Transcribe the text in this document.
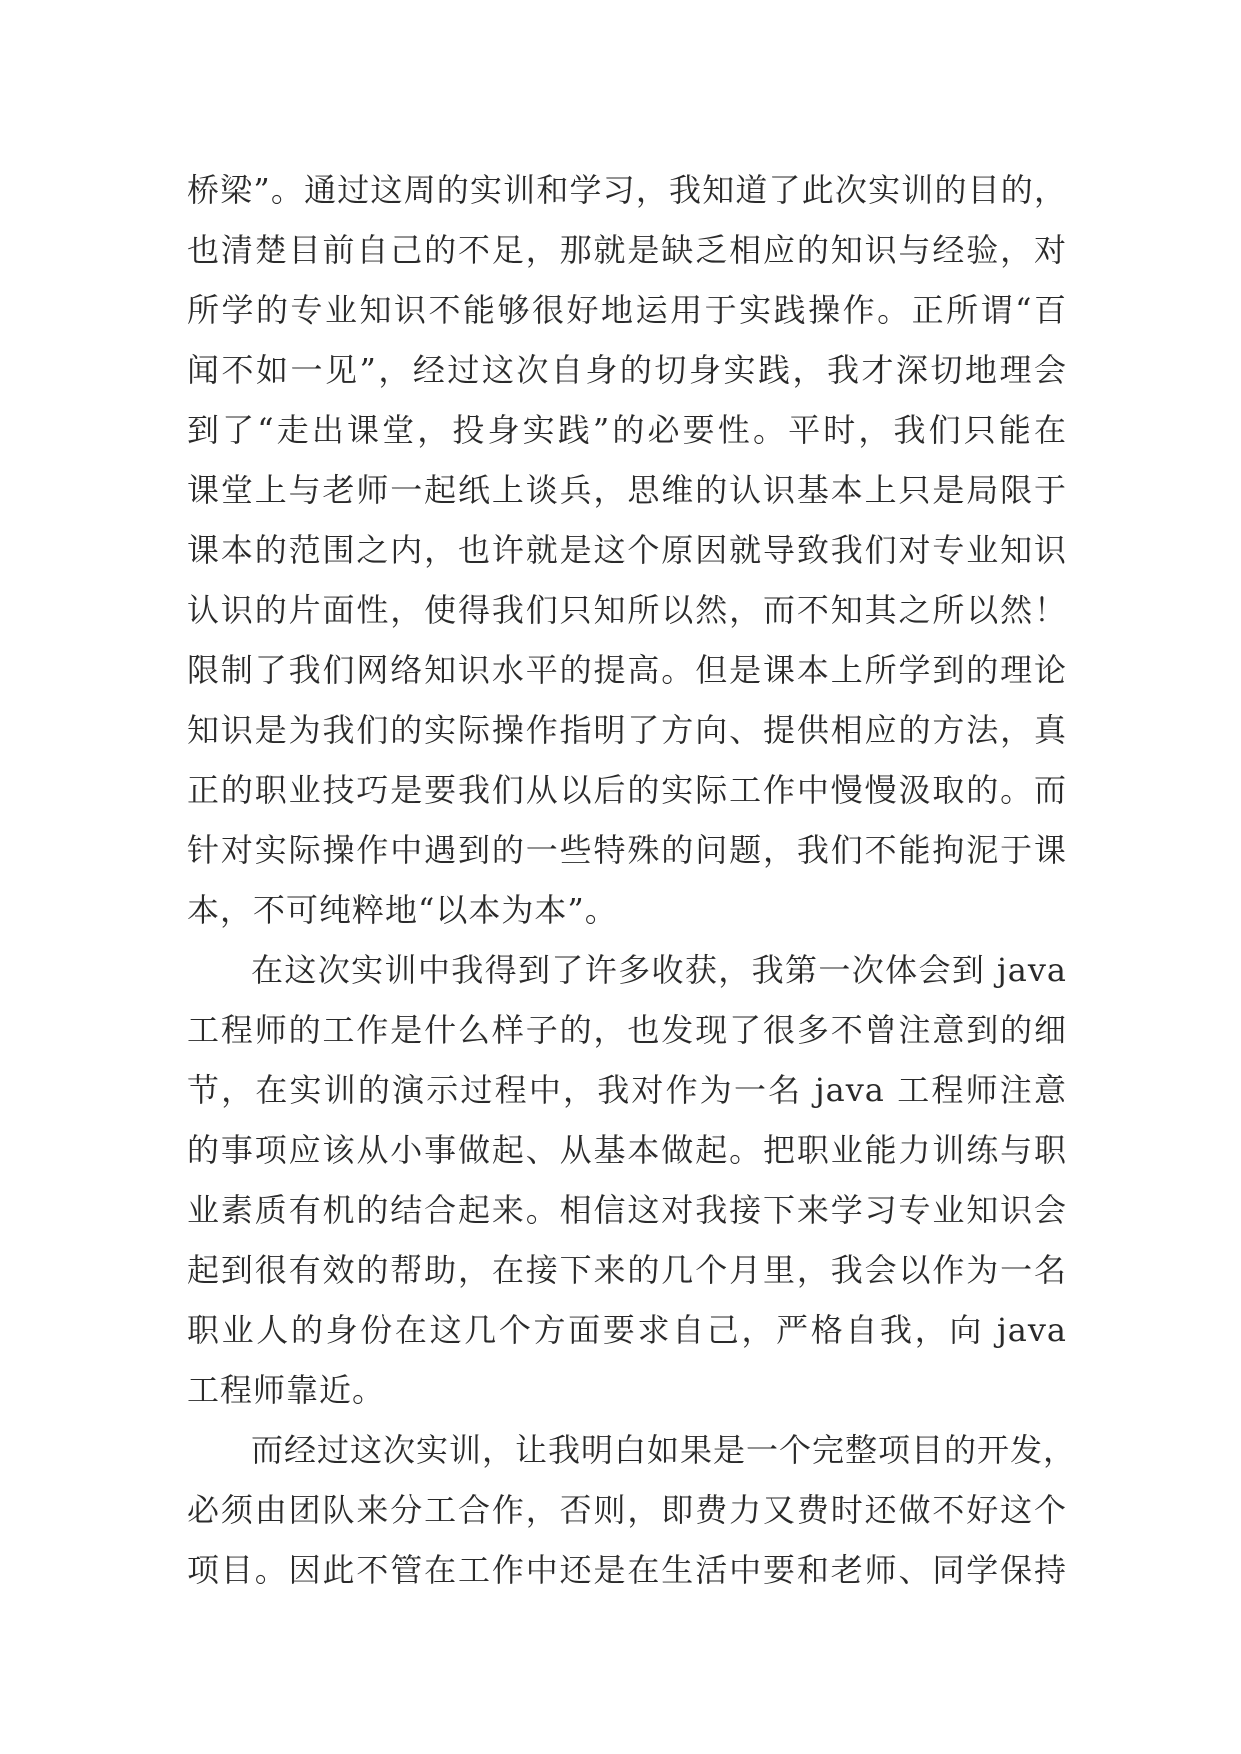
桥梁”。通过这周的实训和学习，我知道了此次实训的目的，
也清楚目前自己的不足，那就是缺乏相应的知识与经验，对
所学的专业知识不能够很好地运用于实践操作。正所谓“百
闻不如一见”，经过这次自身的切身实践，我才深切地理会
到了“走出课堂，投身实践”的必要性。平时，我们只能在
课堂上与老师一起纸上谈兵，思维的认识基本上只是局限于
课本的范围之内，也许就是这个原因就导致我们对专业知识
认识的片面性，使得我们只知所以然，而不知其之所以然！
限制了我们网络知识水平的提高。但是课本上所学到的理论
知识是为我们的实际操作指明了方向、提供相应的方法，真
正的职业技巧是要我们从以后的实际工作中慢慢汲取的。而
针对实际操作中遇到的一些特殊的问题，我们不能拘泥于课
本，不可纯粹地“以本为本”。
在这次实训中我得到了许多收获，我第一次体会到 java
工程师的工作是什么样子的，也发现了很多不曾注意到的细
节，在实训的演示过程中，我对作为一名 java 工程师注意
的事项应该从小事做起、从基本做起。把职业能力训练与职
业素质有机的结合起来。相信这对我接下来学习专业知识会
起到很有效的帮助，在接下来的几个月里，我会以作为一名
职业人的身份在这几个方面要求自己，严格自我，向 java
工程师靠近。
而经过这次实训，让我明白如果是一个完整项目的开发，
必须由团队来分工合作，否则，即费力又费时还做不好这个
项目。因此不管在工作中还是在生活中要和老师、同学保持
